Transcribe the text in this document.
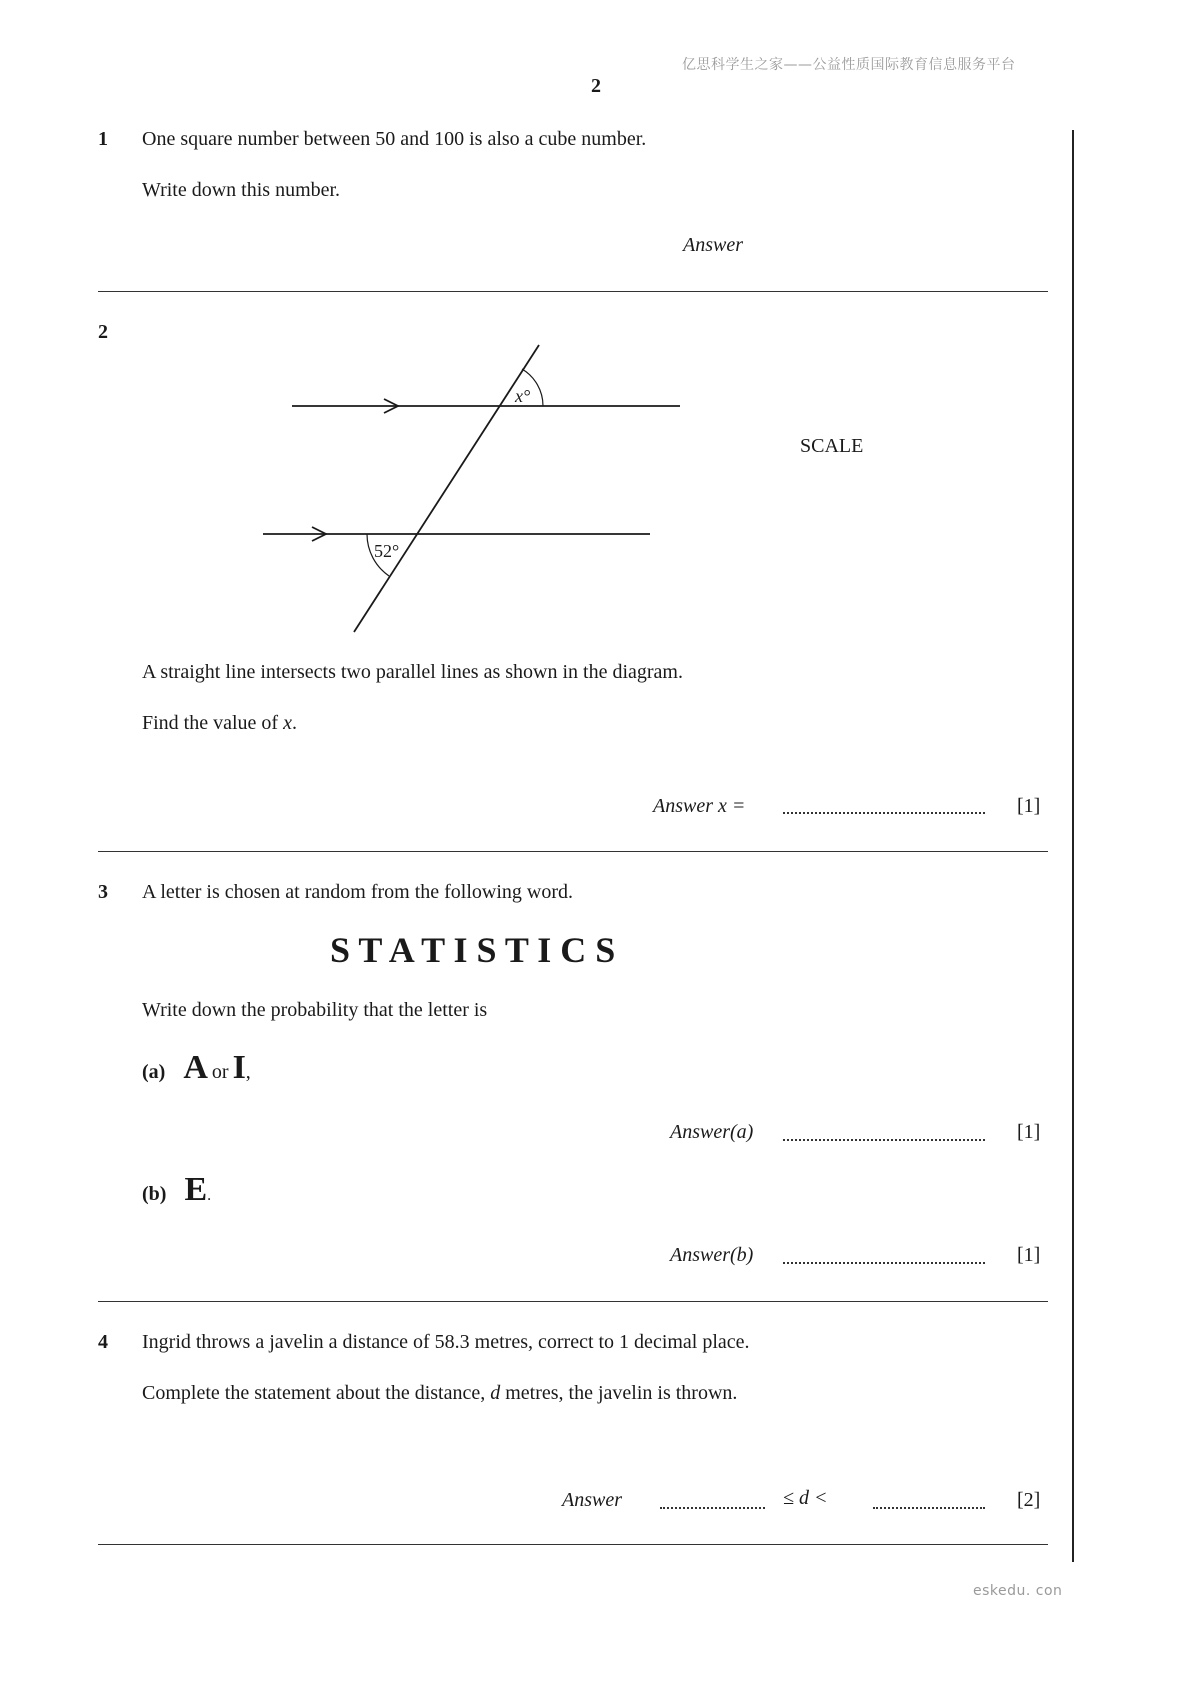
亿思科学生之家——公益性质国际教育信息服务平台
2
1 One square number between 50 and 100 is also a cube number.
Write down this number.
Answer
2
x°
52°
SCALE
A straight line intersects two parallel lines as shown in the diagram.
Find the value of x.
Answer x =	[1]
3 A letter is chosen at random from the following word.
S T A T I S T I C S
Write down the probability that the letter is
(a) A or I,
Answer(a)	[1]
(b) E.
Answer(b)	[1]
4 Ingrid throws a javelin a distance of 58.3 metres, correct to 1 decimal place.
Complete the statement about the distance, d metres, the javelin is thrown.
Answer	≤ d <	[2]
eskedu. con
